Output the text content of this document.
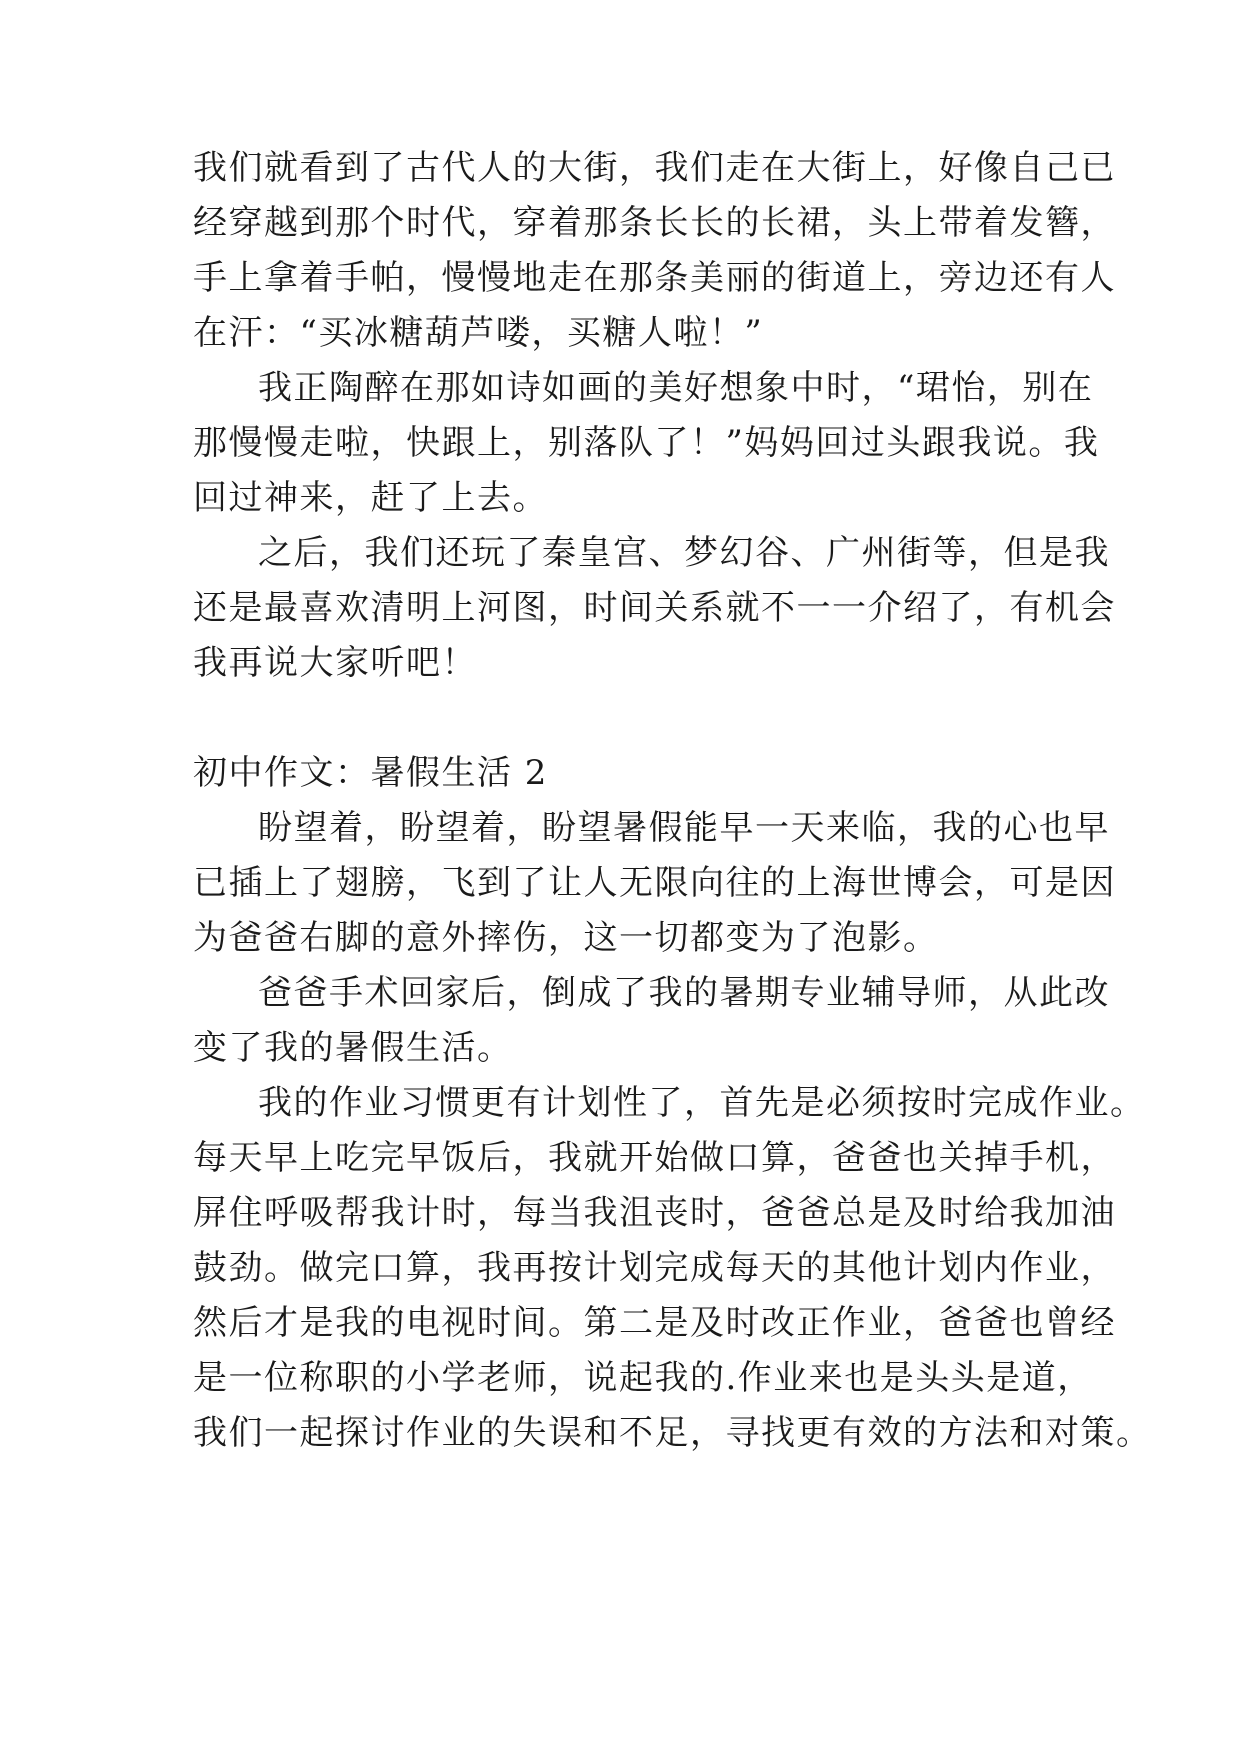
我们就看到了古代人的大街，我们走在大街上，好像自己已
经穿越到那个时代，穿着那条长长的长裙，头上带着发簪，
手上拿着手帕，慢慢地走在那条美丽的街道上，旁边还有人
在汗：“买冰糖葫芦喽，买糖人啦！”
我正陶醉在那如诗如画的美好想象中时，“珺怡，别在
那慢慢走啦，快跟上，别落队了！”妈妈回过头跟我说。我
回过神来，赶了上去。
之后，我们还玩了秦皇宫、梦幻谷、广州街等，但是我
还是最喜欢清明上河图，时间关系就不一一介绍了，有机会
我再说大家听吧！
初中作文：暑假生活 2
盼望着，盼望着，盼望暑假能早一天来临，我的心也早
已插上了翅膀，飞到了让人无限向往的上海世博会，可是因
为爸爸右脚的意外摔伤，这一切都变为了泡影。
爸爸手术回家后，倒成了我的暑期专业辅导师，从此改
变了我的暑假生活。
我的作业习惯更有计划性了，首先是必须按时完成作业。
每天早上吃完早饭后，我就开始做口算，爸爸也关掉手机，
屏住呼吸帮我计时，每当我沮丧时，爸爸总是及时给我加油
鼓劲。做完口算，我再按计划完成每天的其他计划内作业，
然后才是我的电视时间。第二是及时改正作业，爸爸也曾经
是一位称职的小学老师，说起我的.作业来也是头头是道，
我们一起探讨作业的失误和不足，寻找更有效的方法和对策。
